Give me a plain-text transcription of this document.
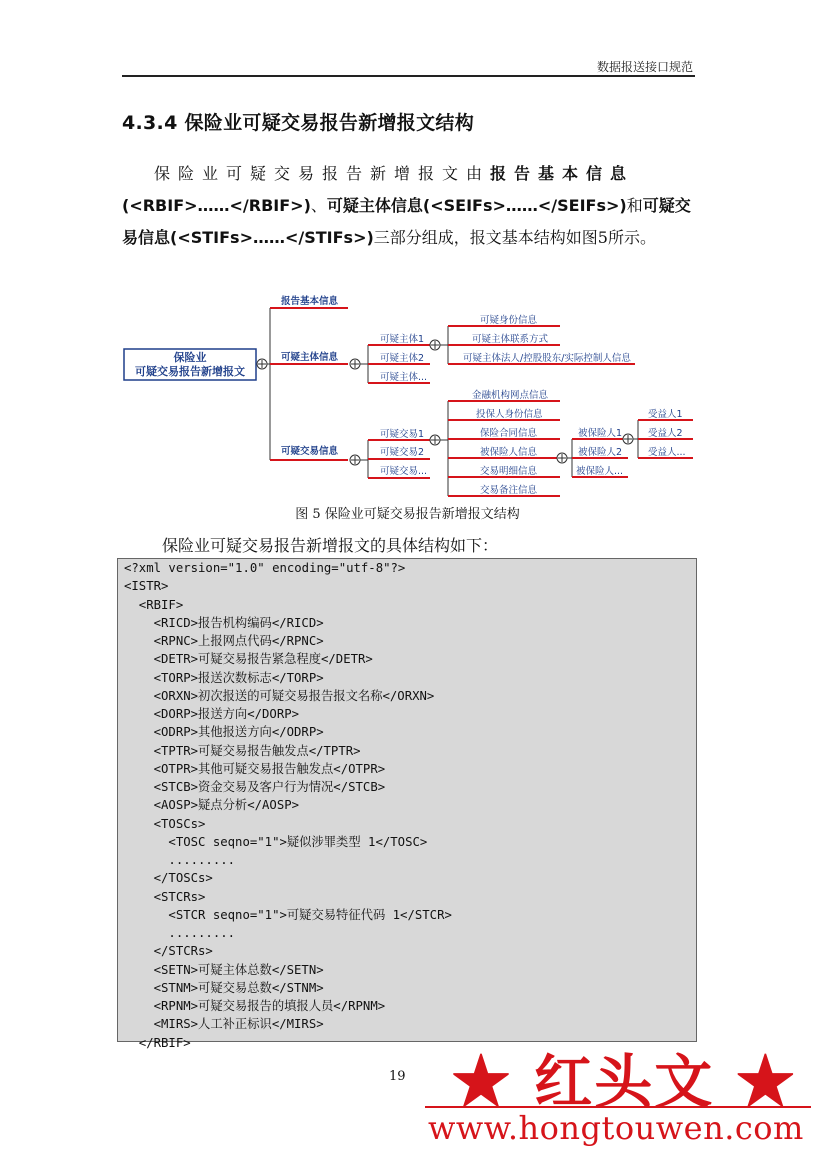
数据报送接口规范
4.3.4 保险业可疑交易报告新增报文结构
保险业可疑交易报告新增报文由报告基本信息(<RBIF>……</RBIF>)、可疑主体信息(<SEIFs>……</SEIFs>)和可疑交易信息(<STIFs>……</STIFs>)三部分组成，报文基本结构如图5所示。
保险业
可疑交易报告新增报文
报告基本信息
可疑主体信息
可疑交易信息
可疑主体1
可疑主体2
可疑主体...
可疑身份信息
可疑主体联系方式
可疑主体法人/控股股东/实际控制人信息
可疑交易1
可疑交易2
可疑交易...
金融机构网点信息
投保人身份信息
保险合同信息
被保险人信息
交易明细信息
交易备注信息
被保险人1
被保险人2
被保险人...
受益人1
受益人2
受益人...
图 5 保险业可疑交易报告新增报文结构
保险业可疑交易报告新增报文的具体结构如下：
<?xml version="1.0" encoding="utf-8"?>
<ISTR>
<RBIF>
<RICD>报告机构编码</RICD>
<RPNC>上报网点代码</RPNC>
<DETR>可疑交易报告紧急程度</DETR>
<TORP>报送次数标志</TORP>
<ORXN>初次报送的可疑交易报告报文名称</ORXN>
<DORP>报送方向</DORP>
<ODRP>其他报送方向</ODRP>
<TPTR>可疑交易报告触发点</TPTR>
<OTPR>其他可疑交易报告触发点</OTPR>
<STCB>资金交易及客户行为情况</STCB>
<AOSP>疑点分析</AOSP>
<TOSCs>
<TOSC seqno="1">疑似涉罪类型 1</TOSC>
.........
</TOSCs>
<STCRs>
<STCR seqno="1">可疑交易特征代码 1</STCR>
.........
</STCRs>
<SETN>可疑主体总数</SETN>
<STNM>可疑交易总数</STNM>
<RPNM>可疑交易报告的填报人员</RPNM>
<MIRS>人工补正标识</MIRS>
</RBIF>
19 ★ 红头文 ★
www.hongtouwen.com
